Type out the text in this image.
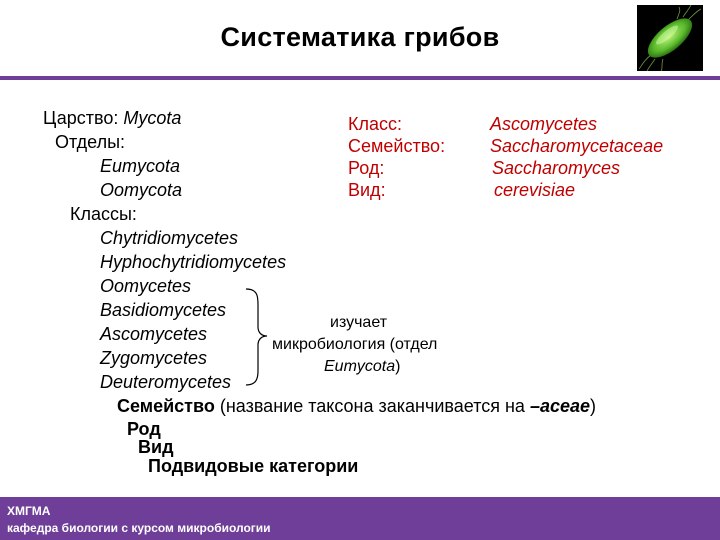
Систематика грибов
Царство: Mycota
Отделы:
Eumycota
Oomycota
Классы:
Chytridiomycetes
Hyphochytridiomycetes
Oomycetes
Basidiomycetes
Ascomycetes
Zygomycetes
Deuteromycetes
Класс:
Семейство:
Род:
Вид:
Ascomycetes
Saccharomycetaceae
Saccharomyces
cerevisiae
изучает
микробиология (отдел
Eumycota)
Семейство (название таксона заканчивается на –aceae)
Род
Вид
Подвидовые категории
ХМГМА
кафедра биологии с курсом микробиологии
